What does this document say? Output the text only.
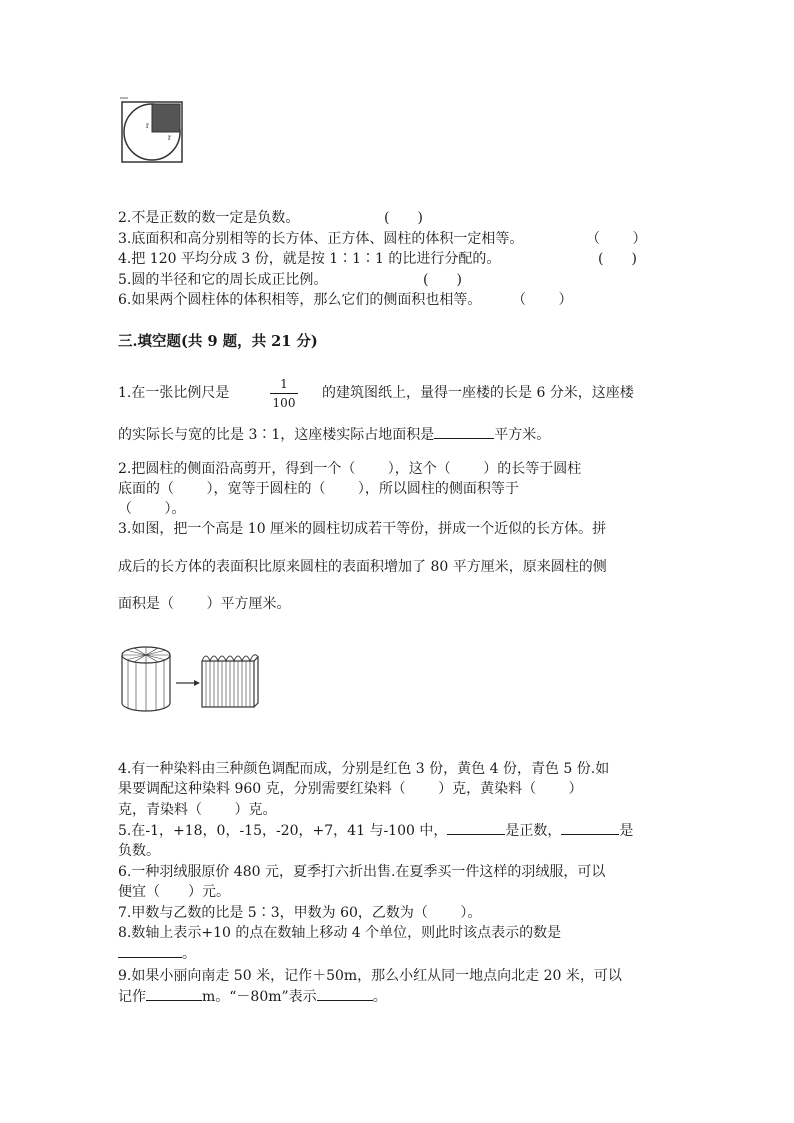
r
r
2.不是正数的数一定是负数。	(　　)
3.底面积和高分别相等的长方体、正方体、圆柱的体积一定相等。	（　　 ）
4.把 120 平均分成 3 份，就是按 1∶1∶1 的比进行分配的。	(　　)
5.圆的半径和它的周长成正比例。	(　　)
6.如果两个圆柱体的体积相等，那么它们的侧面积也相等。 （　　 ）
三.填空题(共 9 题，共 21 分)
1.在一张比例尺是
1
100
的建筑图纸上，量得一座楼的长是 6 分米，这座楼
的实际长与宽的比是 3∶1，这座楼实际占地面积是	平方米。
2.把圆柱的侧面沿高剪开，得到一个（　　 ），这个（　　 ）的长等于圆柱
底面的（　　 ），宽等于圆柱的（　　 ），所以圆柱的侧面积等于
（　　 ）。
3.如图，把一个高是 10 厘米的圆柱切成若干等份，拼成一个近似的长方体。拼
成后的长方体的表面积比原来圆柱的表面积增加了 80 平方厘米，原来圆柱的侧
面积是（　　 ）平方厘米。
4.有一种染料由三种颜色调配而成，分别是红色 3 份，黄色 4 份，青色 5 份.如
果要调配这种染料 960 克，分别需要红染料（　　 ）克，黄染料（　　 ）
克，青染料（　　 ）克。
5.在-1，+18，0，-15，-20，+7，41 与-100 中，	是正数，	是
负数。
6.一种羽绒服原价 480 元，夏季打六折出售.在夏季买一件这样的羽绒服，可以
便宜（　　）元。
7.甲数与乙数的比是 5∶3，甲数为 60，乙数为（　　 ）。
8.数轴上表示+10 的点在数轴上移动 4 个单位，则此时该点表示的数是
。
9.如果小丽向南走 50 米，记作＋50m，那么小红从同一地点向北走 20 米，可以
记作	m。“－80m”表示	。
